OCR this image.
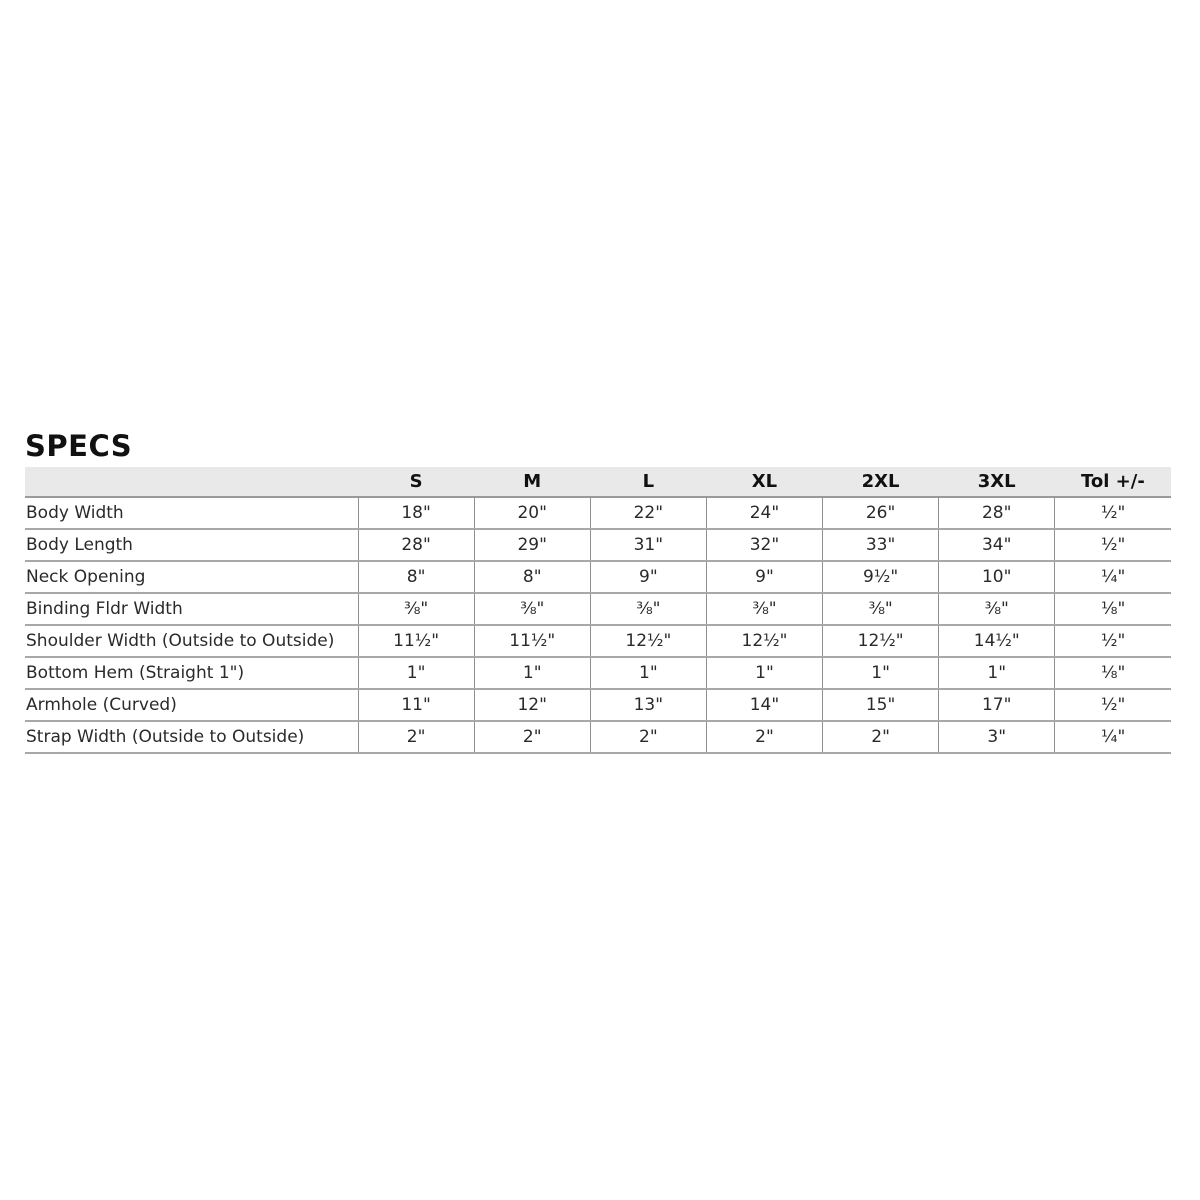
SPECS
	S	M	L	XL	2XL	3XL	Tol +/-
Body Width	18"	20"	22"	24"	26"	28"	½"
Body Length	28"	29"	31"	32"	33"	34"	½"
Neck Opening	8"	8"	9"	9"	9½"	10"	¼"
Binding Fldr Width	⅜"	⅜"	⅜"	⅜"	⅜"	⅜"	⅛"
Shoulder Width (Outside to Outside)	11½"	11½"	12½"	12½"	12½"	14½"	½"
Bottom Hem (Straight 1")	1"	1"	1"	1"	1"	1"	⅛"
Armhole (Curved)	11"	12"	13"	14"	15"	17"	½"
Strap Width (Outside to Outside)	2"	2"	2"	2"	2"	3"	¼"
